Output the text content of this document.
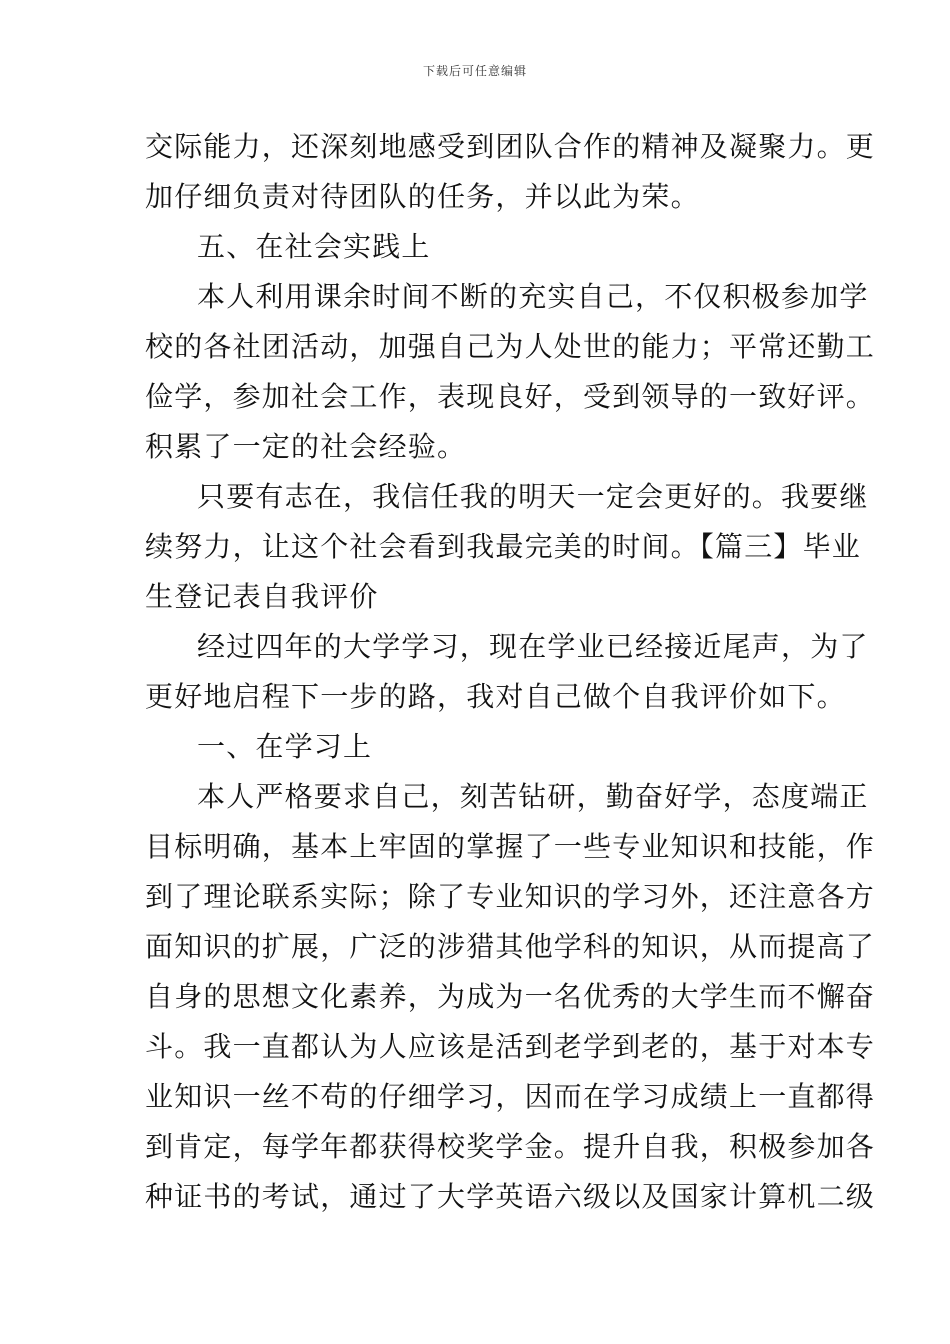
下载后可任意编辑
交际能力，还深刻地感受到团队合作的精神及凝聚力。更
加仔细负责对待团队的任务，并以此为荣。
五、在社会实践上
本人利用课余时间不断的充实自己，不仅积极参加学
校的各社团活动，加强自己为人处世的能力；平常还勤工
俭学，参加社会工作，表现良好，受到领导的一致好评。
积累了一定的社会经验。
只要有志在，我信任我的明天一定会更好的。我要继
续努力，让这个社会看到我最完美的时间。【篇三】毕业
生登记表自我评价
经过四年的大学学习，现在学业已经接近尾声，为了
更好地启程下一步的路，我对自己做个自我评价如下。
一、在学习上
本人严格要求自己，刻苦钻研，勤奋好学，态度端正
目标明确，基本上牢固的掌握了一些专业知识和技能，作
到了理论联系实际；除了专业知识的学习外，还注意各方
面知识的扩展，广泛的涉猎其他学科的知识，从而提高了
自身的思想文化素养，为成为一名优秀的大学生而不懈奋
斗。我一直都认为人应该是活到老学到老的，基于对本专
业知识一丝不苟的仔细学习，因而在学习成绩上一直都得
到肯定，每学年都获得校奖学金。提升自我，积极参加各
种证书的考试，通过了大学英语六级以及国家计算机二级
